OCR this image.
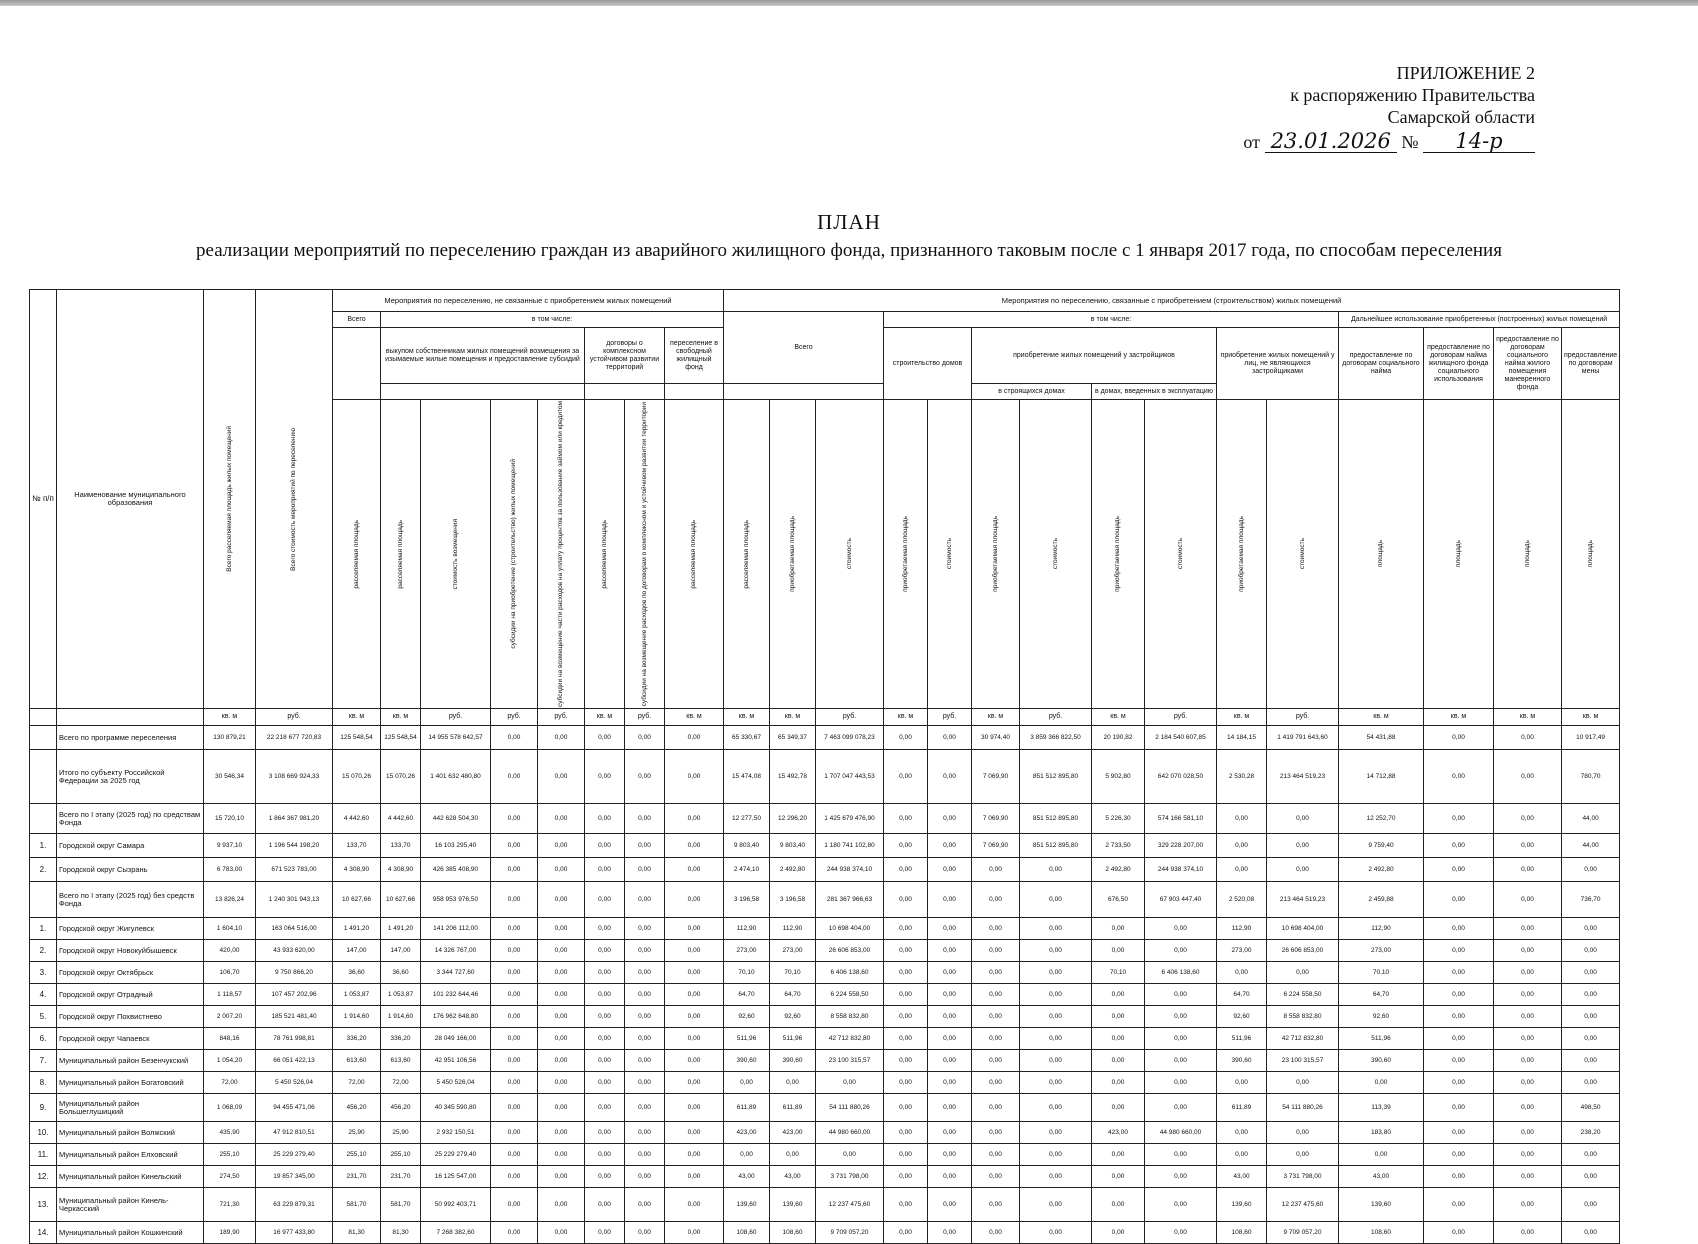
ПРИЛОЖЕНИЕ 2
к распоряжению Правительства
Самарской области
от 23.01.2026 № 14-р
ПЛАН
реализации мероприятий по переселению граждан из аварийного жилищного фонда, признанного таковым после с 1 января 2017 года, по способам переселения
№ п/п	Наименование муниципального образования	Всего расселяемая площадь жилых помещений	Всего стоимость мероприятий по переселению	Мероприятия по переселению, не связанные с приобретением жилых помещений								Мероприятия по переселению, связанные с приобретением (строительством) жилых помещений														
				Всего	в том числе:							Всего			в том числе:								Дальнейшее использование приобретенных (построенных) жилых помещений			
					выкупом собственникам жилых помещений возмещения за изымаемые жилые помещения и предоставление субсидий				договоры о комплексном устойчивом развитии территорий		переселение в свободный жилищный фонд				строительство домов		приобретение жилых помещений у застройщиков				приобретение жилых помещений у лиц, не являющихся застройщиками		предоставление по договорам социального найма	предоставление по договорам найма жилищного фонда социального использования	предоставление по договорам социального найма жилого помещения маневренного фонда	предоставление по договорам мены
																	в строящихся домах		в домах, введенных в эксплуатацию							

				расселяемая площадь	расселяемая площадь	стоимость возмещения	субсидии на приобретение (строительство) жилых помещений	субсидии на возмещение части расходов на уплату процентов за пользование займом или кредитом	расселяемая площадь	субсидии на возмещение расходов по договорам о комплексном и устойчивом развитии территории	расселяемая площадь	расселяемая площадь	приобретаемая площадь	стоимость	приобретаемая площадь	стоимость	приобретаемая площадь	стоимость	приобретаемая площадь	стоимость	приобретаемая площадь	стоимость	площадь	площадь	площадь	площадь

		кв. м	руб.	кв. м	кв. м	руб.	руб.	руб.	кв. м	руб.	кв. м	кв. м	кв. м	руб.	кв. м	руб.	кв. м	руб.	кв. м	руб.	кв. м	руб.	кв. м	кв. м	кв. м	кв. м
	Всего по программе переселения	130 879,21	22 218 677 720,83	125 548,54	125 548,54	14 955 578 642,57	0,00	0,00	0,00	0,00	0,00	65 330,67	65 349,37	7 463 099 078,23	0,00	0,00	30 974,40	3 859 366 822,50	20 190,82	2 184 540 607,85	14 184,15	1 419 791 643,60	54 431,88	0,00	0,00	10 917,49
	Итого по субъекту Российской Федерации за 2025 год	30 546,34	3 108 669 924,33	15 070,26	15 070,26	1 401 632 480,80	0,00	0,00	0,00	0,00	0,00	15 474,08	15 492,78	1 707 047 443,53	0,00	0,00	7 069,90	851 512 895,80	5 902,80	642 070 028,50	2 530,28	213 464 519,23	14 712,88	0,00	0,00	780,70
	Всего по I этапу (2025 год) по средствам Фонда	15 720,10	1 864 367 981,20	4 442,60	4 442,60	442 628 504,30	0,00	0,00	0,00	0,00	0,00	12 277,50	12 296,20	1 425 679 476,90	0,00	0,00	7 069,90	851 512 895,80	5 226,30	574 166 581,10	0,00	0,00	12 252,70	0,00	0,00	44,00
1.	Городской округ Самара	9 937,10	1 196 544 198,20	133,70	133,70	16 103 295,40	0,00	0,00	0,00	0,00	0,00	9 803,40	9 803,40	1 180 741 102,80	0,00	0,00	7 069,90	851 512 895,80	2 733,50	329 228 207,00	0,00	0,00	9 759,40	0,00	0,00	44,00
2.	Городской округ Сызрань	6 783,00	671 523 783,00	4 308,90	4 308,90	426 385 408,90	0,00	0,00	0,00	0,00	0,00	2 474,10	2 492,80	244 938 374,10	0,00	0,00	0,00	0,00	2 492,80	244 938 374,10	0,00	0,00	2 492,80	0,00	0,00	0,00
	Всего по I этапу (2025 год) без средств Фонда	13 826,24	1 240 301 943,13	10 627,66	10 627,66	958 953 976,50	0,00	0,00	0,00	0,00	0,00	3 196,58	3 196,58	281 367 966,63	0,00	0,00	0,00	0,00	676,50	67 903 447,40	2 520,08	213 464 519,23	2 459,88	0,00	0,00	736,70
1.	Городской округ Жигулевск	1 604,10	163 064 516,00	1 491,20	1 491,20	141 206 112,00	0,00	0,00	0,00	0,00	0,00	112,90	112,90	10 698 404,00	0,00	0,00	0,00	0,00	0,00	0,00	112,90	10 698 404,00	112,90	0,00	0,00	0,00
2.	Городской округ Новокуйбышевск	420,00	43 933 620,00	147,00	147,00	14 326 767,00	0,00	0,00	0,00	0,00	0,00	273,00	273,00	26 606 853,00	0,00	0,00	0,00	0,00	0,00	0,00	273,00	26 606 853,00	273,00	0,00	0,00	0,00
3.	Городской округ Октябрьск	106,70	9 750 866,20	36,60	36,60	3 344 727,60	0,00	0,00	0,00	0,00	0,00	70,10	70,10	6 406 138,60	0,00	0,00	0,00	0,00	70,10	6 406 138,60	0,00	0,00	70,10	0,00	0,00	0,00
4.	Городской округ Отрадный	1 118,57	107 457 202,96	1 053,87	1 053,87	101 232 644,46	0,00	0,00	0,00	0,00	0,00	64,70	64,70	6 224 558,50	0,00	0,00	0,00	0,00	0,00	0,00	64,70	6 224 558,50	64,70	0,00	0,00	0,00
5.	Городской округ Похвистнево	2 007,20	185 521 481,40	1 914,60	1 914,60	176 962 648,80	0,00	0,00	0,00	0,00	0,00	92,60	92,60	8 558 832,80	0,00	0,00	0,00	0,00	0,00	0,00	92,60	8 558 832,80	92,60	0,00	0,00	0,00
6.	Городской округ Чапаевск	848,16	78 761 998,81	336,20	336,20	28 049 166,00	0,00	0,00	0,00	0,00	0,00	511,96	511,96	42 712 832,80	0,00	0,00	0,00	0,00	0,00	0,00	511,96	42 712 832,80	511,96	0,00	0,00	0,00
7.	Муниципальный район Безенчукский	1 054,20	66 051 422,13	613,60	613,60	42 951 106,56	0,00	0,00	0,00	0,00	0,00	390,60	390,60	23 100 315,57	0,00	0,00	0,00	0,00	0,00	0,00	390,60	23 100 315,57	390,60	0,00	0,00	0,00
8.	Муниципальный район Богатовский	72,00	5 450 526,04	72,00	72,00	5 450 526,04	0,00	0,00	0,00	0,00	0,00	0,00	0,00	0,00	0,00	0,00	0,00	0,00	0,00	0,00	0,00	0,00	0,00	0,00	0,00	0,00
9.	Муниципальный район Большеглушицкий	1 068,09	94 455 471,06	456,20	456,20	40 345 590,80	0,00	0,00	0,00	0,00	0,00	611,89	611,89	54 111 880,26	0,00	0,00	0,00	0,00	0,00	0,00	611,89	54 111 880,26	113,39	0,00	0,00	498,50
10.	Муниципальный район Волжский	435,90	47 912 810,51	25,90	25,90	2 932 150,51	0,00	0,00	0,00	0,00	0,00	423,00	423,00	44 980 660,00	0,00	0,00	0,00	0,00	423,00	44 980 660,00	0,00	0,00	183,80	0,00	0,00	238,20
11.	Муниципальный район Елховский	255,10	25 229 279,40	255,10	255,10	25 229 279,40	0,00	0,00	0,00	0,00	0,00	0,00	0,00	0,00	0,00	0,00	0,00	0,00	0,00	0,00	0,00	0,00	0,00	0,00	0,00	0,00
12.	Муниципальный район Кинельский	274,50	19 857 345,00	231,70	231,70	16 125 547,00	0,00	0,00	0,00	0,00	0,00	43,00	43,00	3 731 798,00	0,00	0,00	0,00	0,00	0,00	0,00	43,00	3 731 798,00	43,00	0,00	0,00	0,00
13.	Муниципальный район Кинель-Черкасский	721,30	63 229 879,31	581,70	581,70	50 992 403,71	0,00	0,00	0,00	0,00	0,00	139,60	139,60	12 237 475,60	0,00	0,00	0,00	0,00	0,00	0,00	139,60	12 237 475,60	139,60	0,00	0,00	0,00
14.	Муниципальный район Кошкинский	189,90	16 977 433,80	81,30	81,30	7 268 382,60	0,00	0,00	0,00	0,00	0,00	108,60	108,60	9 709 057,20	0,00	0,00	0,00	0,00	0,00	0,00	108,60	9 709 057,20	108,60	0,00	0,00	0,00
